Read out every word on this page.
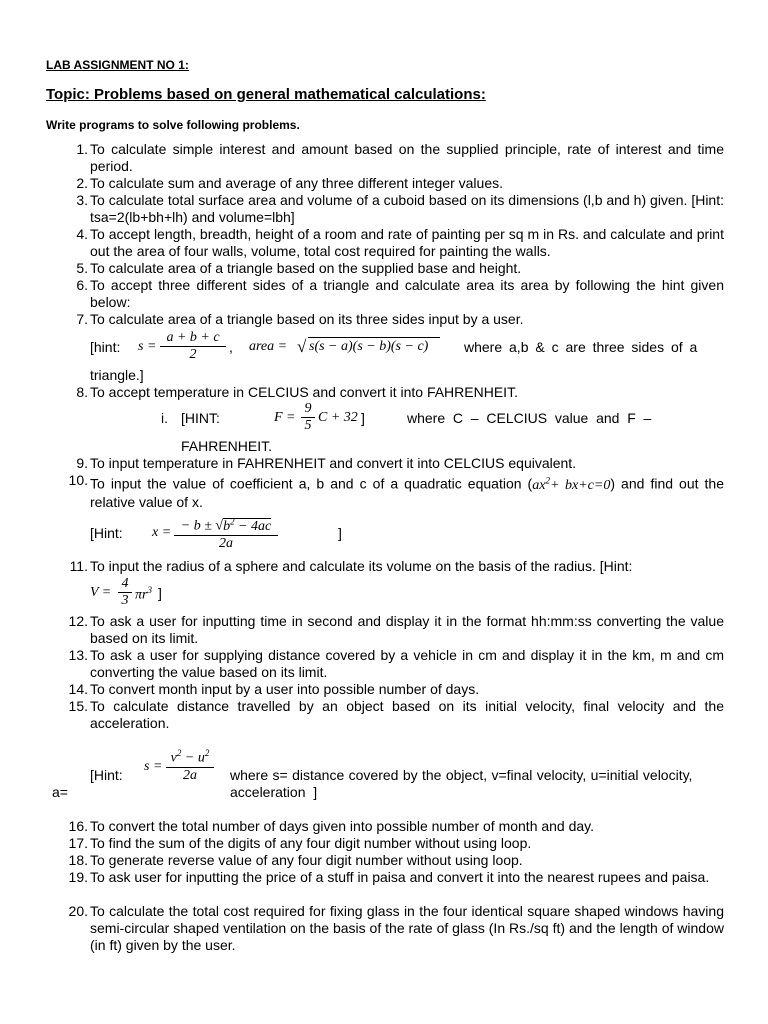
LAB ASSIGNMENT NO 1:
Topic: Problems based on general mathematical calculations:
Write programs to solve following problems.
1. To calculate simple interest and amount based on the supplied principle, rate of interest and time period.
2. To calculate sum and average of any three different integer values.
3. To calculate total surface area and volume of a cuboid based on its dimensions (l,b and h) given. [Hint: tsa=2(lb+bh+lh) and volume=lbh]
4. To accept length, breadth, height of a room and rate of painting per sq m in Rs. and calculate and print out the area of four walls, volume, total cost required for painting the walls.
5. To calculate area of a triangle based on the supplied base and height.
6. To accept three different sides of a triangle and calculate area its area by following the hint given below:
7. To calculate area of a triangle based on its three sides input by a user.
[hint: s =
a + b + c
2	, area = √ s(s − a)(s − b)(s − c)	where a,b & c are three sides of a
triangle.]
8. To accept temperature in CELCIUS and convert it into FAHRENHEIT.
i. [HINT:	F =
9
5
C + 32 ]	where  C  –  CELCIUS  value  and  F  –
FAHRENHEIT.
9. To input temperature in FAHRENHEIT and convert it into CELCIUS equivalent.
10. To input the value of coefficient a, b and c of a quadratic equation $(ax^2+ bx+c=0)$ and find out the relative value of x.
[Hint: x = − $b \pm √b^2 - 4ac$
2a
]
11. To input the radius of a sphere and calculate its volume on the basis of the radius. [Hint:
V =
4
3 $\pi r^3$ ]
12. To ask a user for inputting time in second and display it in the format hh:mm:ss converting the value based on its limit.
13. To ask a user for supplying distance covered by a vehicle in cm and display it in the km, m and cm converting the value based on its limit.
14. To convert month input by a user into possible number of days.
15. To calculate distance travelled by an object based on its initial velocity, final velocity and the acceleration.
s =
$v^2 - u^2$
2a
[Hint:	where s= distance covered by the object, v=final velocity, u=initial velocity,
a=	acceleration  ]
16. To convert the total number of days given into possible number of month and day.
17. To find the sum of the digits of any four digit number without using loop.
18. To generate reverse value of any four digit number without using loop.
19. To ask user for inputting the price of a stuff in paisa and convert it into the nearest rupees and paisa.
20. To calculate the total cost required for fixing glass in the four identical square shaped windows having semi-circular shaped ventilation on the basis of the rate of glass (In Rs./sq ft) and the length of window (in ft) given by the user.
